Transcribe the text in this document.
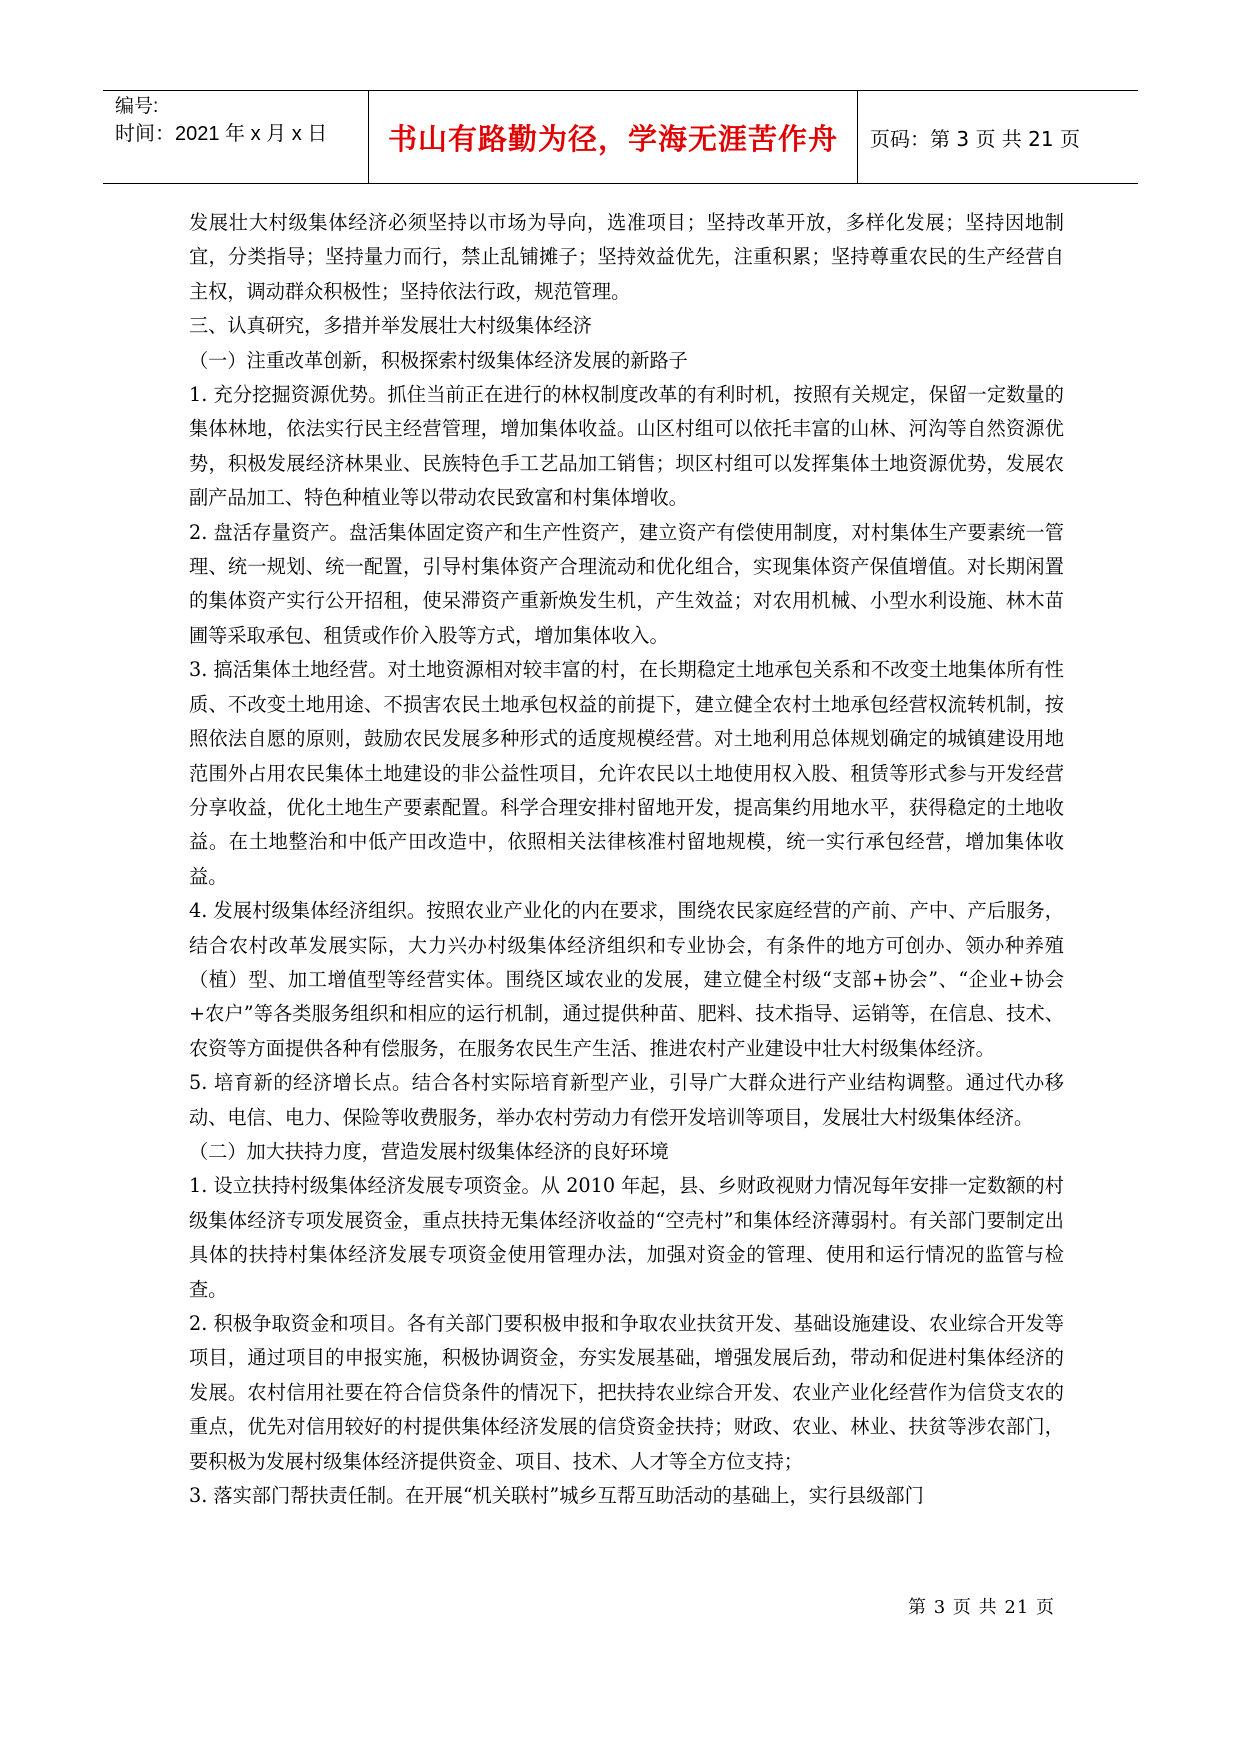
编号:
时间：2021 年 x 月 x 日	书山有路勤为径，学海无涯苦作舟 页码：第 3 页 共 21 页

发展壮大村级集体经济必须坚持以市场为导向，选准项目；坚持改革开放，多样化发展；坚持因地制宜，分类指导；坚持量力而行，禁止乱铺摊子；坚持效益优先，注重积累；坚持尊重农民的生产经营自主权，调动群众积极性；坚持依法行政，规范管理。

三、认真研究，多措并举发展壮大村级集体经济

（一）注重改革创新，积极探索村级集体经济发展的新路子

1. 充分挖掘资源优势。抓住当前正在进行的林权制度改革的有利时机，按照有关规定，保留一定数量的集体林地，依法实行民主经营管理，增加集体收益。山区村组可以依托丰富的山林、河沟等自然资源优势，积极发展经济林果业、民族特色手工艺品加工销售；坝区村组可以发挥集体土地资源优势，发展农副产品加工、特色种植业等以带动农民致富和村集体增收。

2. 盘活存量资产。盘活集体固定资产和生产性资产，建立资产有偿使用制度，对村集体生产要素统一管理、统一规划、统一配置，引导村集体资产合理流动和优化组合，实现集体资产保值增值。对长期闲置的集体资产实行公开招租，使呆滞资产重新焕发生机，产生效益；对农用机械、小型水利设施、林木苗圃等采取承包、租赁或作价入股等方式，增加集体收入。

3. 搞活集体土地经营。对土地资源相对较丰富的村，在长期稳定土地承包关系和不改变土地集体所有性质、不改变土地用途、不损害农民土地承包权益的前提下，建立健全农村土地承包经营权流转机制，按照依法自愿的原则，鼓励农民发展多种形式的适度规模经营。对土地利用总体规划确定的城镇建设用地范围外占用农民集体土地建设的非公益性项目，允许农民以土地使用权入股、租赁等形式参与开发经营分享收益，优化土地生产要素配置。科学合理安排村留地开发，提高集约用地水平，获得稳定的土地收益。在土地整治和中低产田改造中，依照相关法律核准村留地规模，统一实行承包经营，增加集体收益。

4. 发展村级集体经济组织。按照农业产业化的内在要求，围绕农民家庭经营的产前、产中、产后服务，结合农村改革发展实际，大力兴办村级集体经济组织和专业协会，有条件的地方可创办、领办种养殖（植）型、加工增值型等经营实体。围绕区域农业的发展，建立健全村级“支部+协会”、“企业+协会+农户”等各类服务组织和相应的运行机制，通过提供种苗、肥料、技术指导、运销等，在信息、技术、农资等方面提供各种有偿服务，在服务农民生产生活、推进农村产业建设中壮大村级集体经济。

5. 培育新的经济增长点。结合各村实际培育新型产业，引导广大群众进行产业结构调整。通过代办移动、电信、电力、保险等收费服务，举办农村劳动力有偿开发培训等项目，发展壮大村级集体经济。

（二）加大扶持力度，营造发展村级集体经济的良好环境

1. 设立扶持村级集体经济发展专项资金。从 2010 年起，县、乡财政视财力情况每年安排一定数额的村级集体经济专项发展资金，重点扶持无集体经济收益的“空壳村”和集体经济薄弱村。有关部门要制定出具体的扶持村集体经济发展专项资金使用管理办法，加强对资金的管理、使用和运行情况的监管与检查。

2. 积极争取资金和项目。各有关部门要积极申报和争取农业扶贫开发、基础设施建设、农业综合开发等项目，通过项目的申报实施，积极协调资金，夯实发展基础，增强发展后劲，带动和促进村集体经济的发展。农村信用社要在符合信贷条件的情况下，把扶持农业综合开发、农业产业化经营作为信贷支农的重点，优先对信用较好的村提供集体经济发展的信贷资金扶持；财政、农业、林业、扶贫等涉农部门，要积极为发展村级集体经济提供资金、项目、技术、人才等全方位支持；

3. 落实部门帮扶责任制。在开展“机关联村”城乡互帮互助活动的基础上，实行县级部门

第 3 页 共 21 页
